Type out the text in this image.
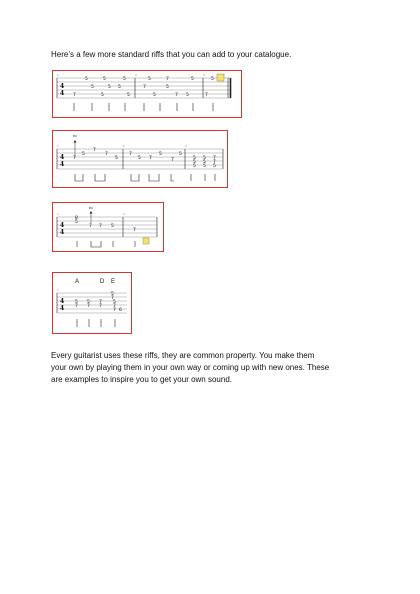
Here’s a few more standard riffs that you can add to your catalogue.
1	2	3
4
4
5	5	5	5	7
5
7
5	5 5
5	5
7
5	7 5
5
5	7
BU
1	2	3
4
4
7
5
7
7
5
7
5 7
5
7
5
5
5
5
5
5
5
7
7
5
BU
1	2
4
4
8
5
7 7 5
7
A	D E
1
4
4
5 5 7 5
5
7
7 7 7 7
7 6
Every guitarist uses these riffs, they are common property. You make them
your own by playing them in your own way or coming up with new ones. These
are examples to inspire you to get your own sound.
